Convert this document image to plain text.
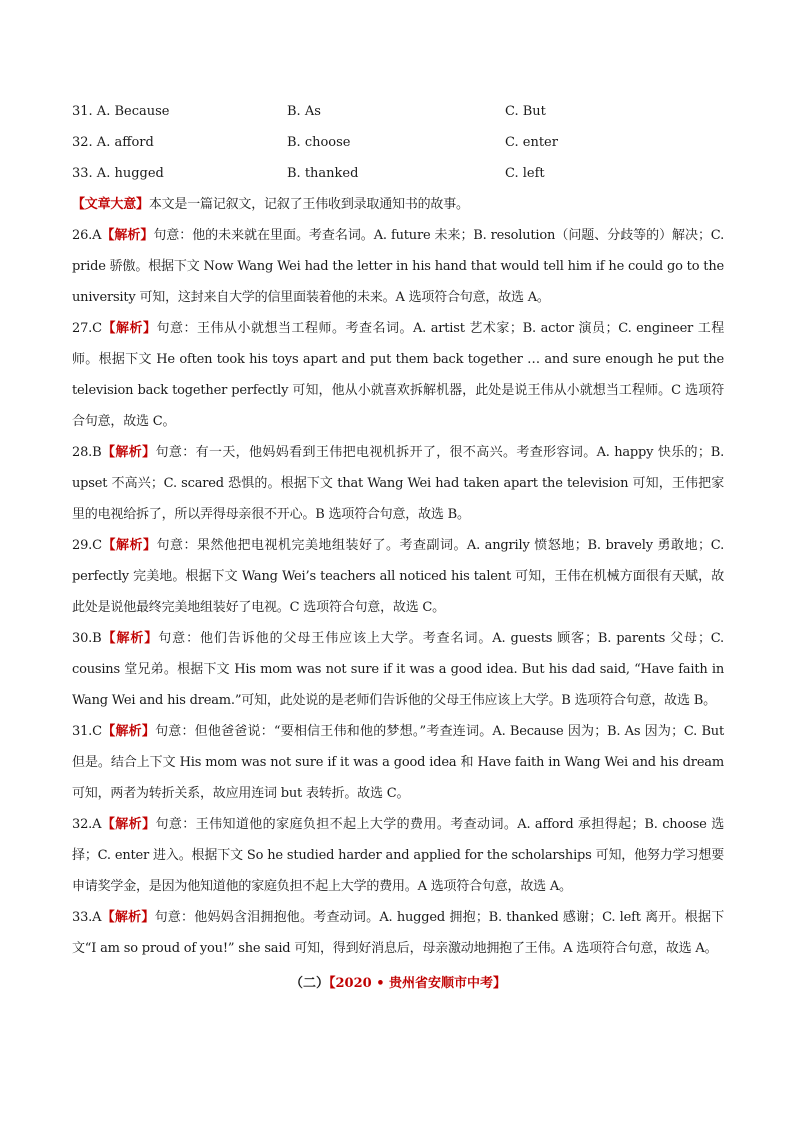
31. A. Because	B. As	C. But
32. A. afford	B. choose	C. enter
33. A. hugged	B. thanked	C. left
【文章大意】本文是一篇记叙文，记叙了王伟收到录取通知书的故事。
26.A【解析】句意：他的未来就在里面。考查名词。A. future 未来；B. resolution（问题、分歧等的）解决；C. pride 骄傲。根据下文 Now Wang Wei had the letter in his hand that would tell him if he could go to the university 可知，这封来自大学的信里面装着他的未来。A 选项符合句意，故选 A。
27.C【解析】句意：王伟从小就想当工程师。考查名词。A. artist 艺术家；B. actor 演员；C. engineer 工程师。根据下文 He often took his toys apart and put them back together … and sure enough he put the television back together perfectly 可知，他从小就喜欢拆解机器，此处是说王伟从小就想当工程师。C 选项符合句意，故选 C。
28.B【解析】句意：有一天，他妈妈看到王伟把电视机拆开了，很不高兴。考查形容词。A. happy 快乐的；B. upset 不高兴；C. scared 恐惧的。根据下文 that Wang Wei had taken apart the television 可知，王伟把家里的电视给拆了，所以弄得母亲很不开心。B 选项符合句意，故选 B。
29.C【解析】句意：果然他把电视机完美地组装好了。考查副词。A. angrily 愤怒地；B. bravely 勇敢地；C. perfectly 完美地。根据下文 Wang Wei’s teachers all noticed his talent 可知，王伟在机械方面很有天赋，故此处是说他最终完美地组装好了电视。C 选项符合句意，故选 C。
30.B【解析】句意：他们告诉他的父母王伟应该上大学。考查名词。A. guests 顾客；B. parents 父母；C. cousins 堂兄弟。根据下文 His mom was not sure if it was a good idea. But his dad said, “Have faith in Wang Wei and his dream.”可知，此处说的是老师们告诉他的父母王伟应该上大学。B 选项符合句意，故选 B。
31.C【解析】句意：但他爸爸说：“要相信王伟和他的梦想。”考查连词。A. Because 因为；B. As 因为；C. But 但是。结合上下文 His mom was not sure if it was a good idea 和 Have faith in Wang Wei and his dream 可知，两者为转折关系，故应用连词 but 表转折。故选 C。
32.A【解析】句意：王伟知道他的家庭负担不起上大学的费用。考查动词。A. afford 承担得起；B. choose 选择；C. enter 进入。根据下文 So he studied harder and applied for the scholarships 可知，他努力学习想要申请奖学金，是因为他知道他的家庭负担不起上大学的费用。A 选项符合句意，故选 A。
33.A【解析】句意：他妈妈含泪拥抱他。考查动词。A. hugged 拥抱；B. thanked 感谢；C. left 离开。根据下文“I am so proud of you!” she said 可知，得到好消息后，母亲激动地拥抱了王伟。A 选项符合句意，故选 A。
（二）【2020 • 贵州省安顺市中考】
